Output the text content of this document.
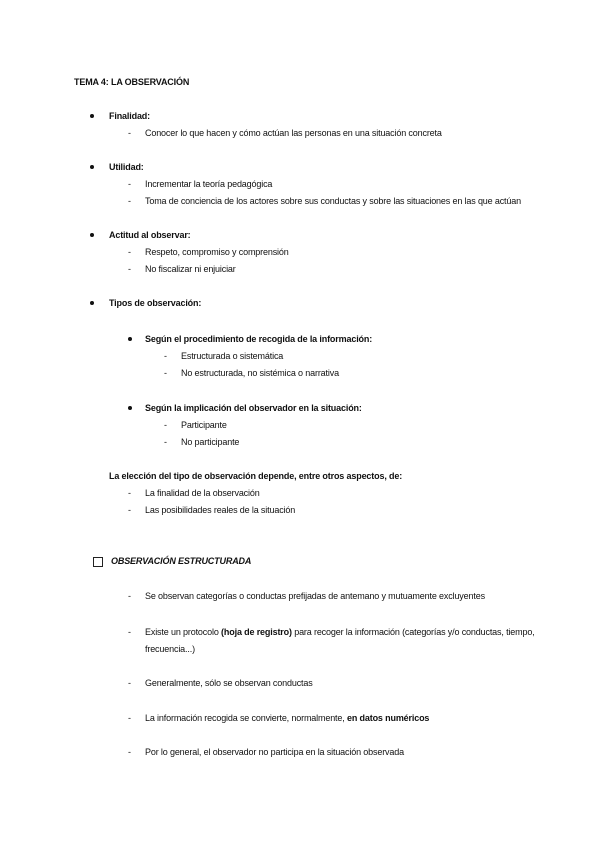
TEMA 4: LA OBSERVACIÓN
Finalidad:
- Conocer lo que hacen y cómo actúan las personas en una situación concreta
Utilidad:
- Incrementar la teoría pedagógica
- Toma de conciencia de los actores sobre sus conductas y sobre las situaciones en las que actúan
Actitud al observar:
- Respeto, compromiso y comprensión
- No fiscalizar ni enjuiciar
Tipos de observación:
Según el procedimiento de recogida de la información:
- Estructurada o sistemática
- No estructurada, no sistémica o narrativa
Según la implicación del observador en la situación:
- Participante
- No participante
La elección del tipo de observación depende, entre otros aspectos, de:
- La finalidad de la observación
- Las posibilidades reales de la situación
OBSERVACIÓN ESTRUCTURADA
- Se observan categorías o conductas prefijadas de antemano y mutuamente excluyentes
- Existe un protocolo (hoja de registro) para recoger la información (categorías y/o conductas, tiempo,
frecuencia...)
- Generalmente, sólo se observan conductas
- La información recogida se convierte, normalmente, en datos numéricos
- Por lo general, el observador no participa en la situación observada
